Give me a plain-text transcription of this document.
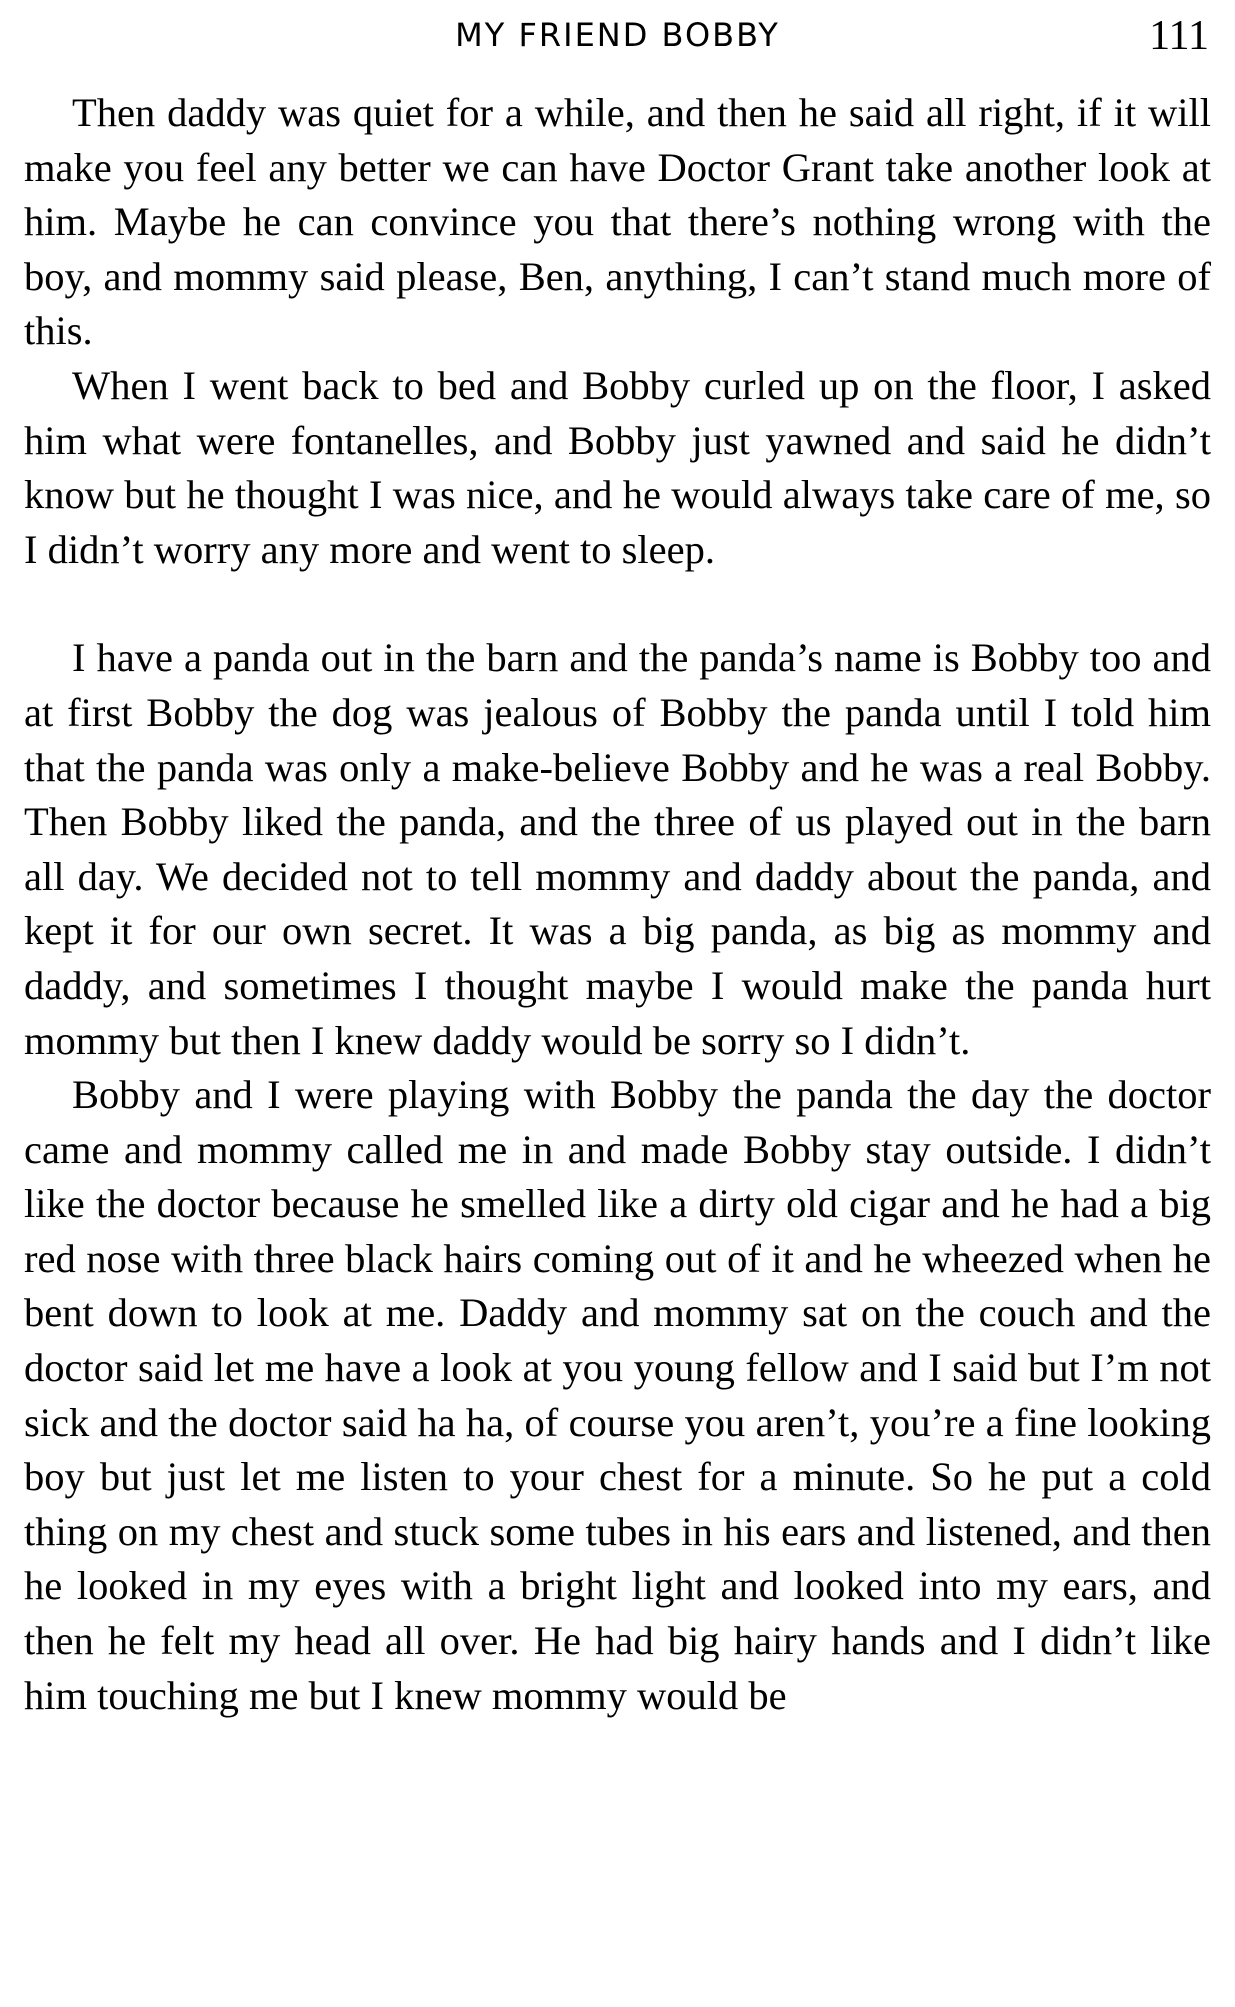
MY FRIEND BOBBY	111

Then daddy was quiet for a while, and then he said all right, if it will make you feel any better we can have Doctor Grant take another look at him. Maybe he can convince you that there’s nothing wrong with the boy, and mommy said please, Ben, anything, I can’t stand much more of this.

When I went back to bed and Bobby curled up on the floor, I asked him what were fontanelles, and Bobby just yawned and said he didn’t know but he thought I was nice, and he would always take care of me, so I didn’t worry any more and went to sleep.

I have a panda out in the barn and the panda’s name is Bobby too and at first Bobby the dog was jealous of Bobby the panda until I told him that the panda was only a make-believe Bobby and he was a real Bobby. Then Bobby liked the panda, and the three of us played out in the barn all day. We decided not to tell mommy and daddy about the panda, and kept it for our own secret. It was a big panda, as big as mommy and daddy, and sometimes I thought maybe I would make the panda hurt mommy but then I knew daddy would be sorry so I didn’t.

Bobby and I were playing with Bobby the panda the day the doctor came and mommy called me in and made Bobby stay outside. I didn’t like the doctor because he smelled like a dirty old cigar and he had a big red nose with three black hairs coming out of it and he wheezed when he bent down to look at me. Daddy and mommy sat on the couch and the doctor said let me have a look at you young fellow and I said but I’m not sick and the doctor said ha ha, of course you aren’t, you’re a fine looking boy but just let me listen to your chest for a minute. So he put a cold thing on my chest and stuck some tubes in his ears and listened, and then he looked in my eyes with a bright light and looked into my ears, and then he felt my head all over. He had big hairy hands and I didn’t like him touching me but I knew mommy would be
